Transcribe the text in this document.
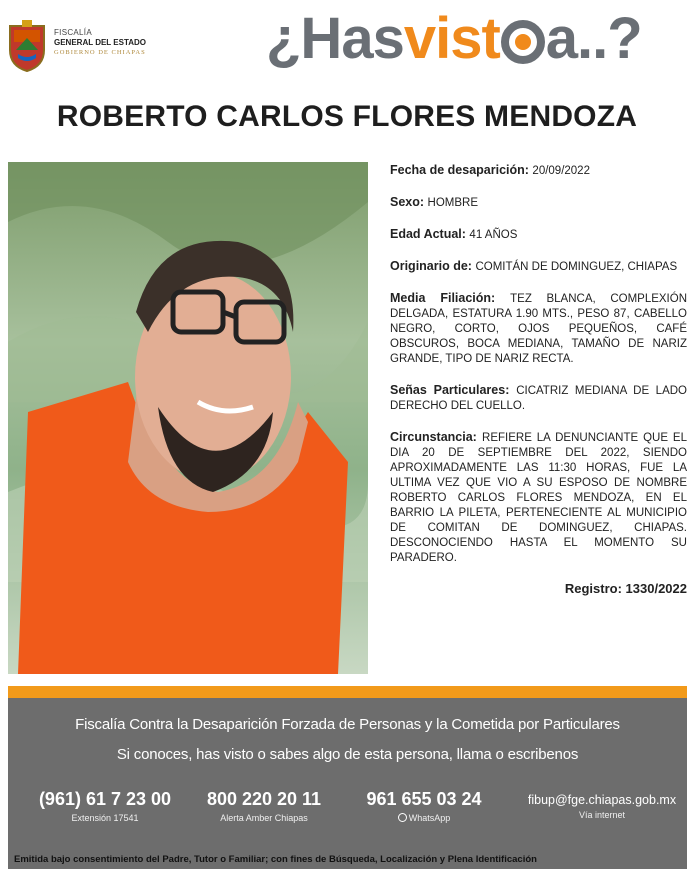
FISCALÍA
GENERAL DEL ESTADO
GOBIERNO DE CHIAPAS ¿Hasvist a..?
ROBERTO CARLOS FLORES MENDOZA
Fecha de desaparición: 20/09/2022
Sexo: HOMBRE
Edad Actual: 41 AÑOS
Originario de: COMITÁN DE DOMINGUEZ, CHIAPAS
Media Filiación: TEZ BLANCA, COMPLEXIÓN DELGADA, ESTATURA 1.90 MTS., PESO 87, CABELLO NEGRO, CORTO, OJOS PEQUEÑOS, CAFÉ OBSCUROS, BOCA MEDIANA, TAMAÑO DE NARIZ GRANDE, TIPO DE NARIZ RECTA.
Señas Particulares: CICATRIZ MEDIANA DE LADO DERECHO DEL CUELLO.
Circunstancia: REFIERE LA DENUNCIANTE QUE EL DIA 20 DE SEPTIEMBRE DEL 2022, SIENDO APROXIMADAMENTE LAS 11:30 HORAS, FUE LA ULTIMA VEZ QUE VIO A SU ESPOSO DE NOMBRE ROBERTO CARLOS FLORES MENDOZA, EN EL BARRIO LA PILETA, PERTENECIENTE AL MUNICIPIO DE COMITAN DE DOMINGUEZ, CHIAPAS. DESCONOCIENDO HASTA EL MOMENTO SU PARADERO.
Registro: 1330/2022
Fiscalía Contra la Desaparición Forzada de Personas y la Cometida por Particulares
Si conoces, has visto o sabes algo de esta persona, llama o escribenos
(961) 61 7 23 00
Extensión 17541
800 220 20 11
Alerta Amber Chiapas
961 655 03 24
WhatsApp
fibup@fge.chiapas.gob.mx
Vía internet
Emitida bajo consentimiento del Padre, Tutor o Familiar; con fines de Búsqueda, Localización y Plena Identificación
